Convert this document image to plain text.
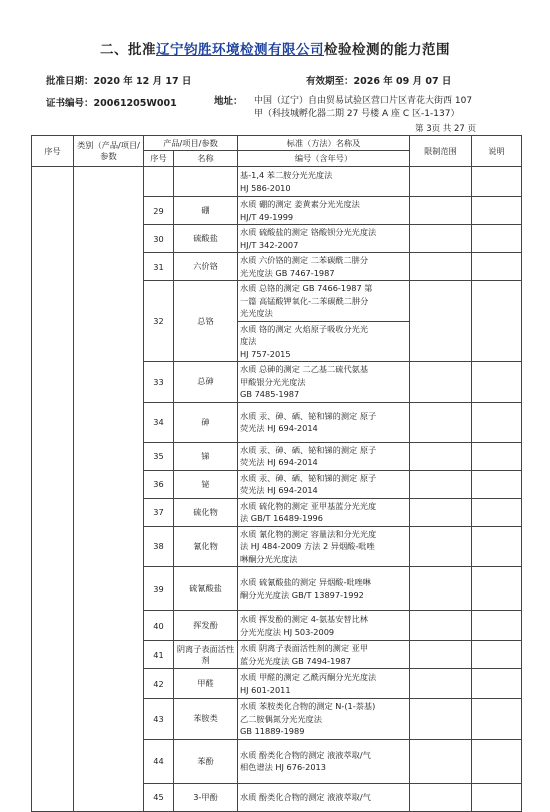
二、批准辽宁钧胜环境检测有限公司检验检测的能力范围
批准日期：2020 年 12 月 17 日	有效期至：2026 年 09 月 07 日
证书编号：20061205W001	地址： 中国（辽宁）自由贸易试验区营口片区青花大街西 107
甲（科技城孵化器二期 27 号楼 A 座 C 区-1-137）
第 3页 共 27 页
序号	类别（产品/项目/参数	产品/项目/参数		标准（方法）名称及	限制范围	说明
		序号	名称	编号（含年号）		

				基-1,4 苯二胺分光光度法
HJ 586-2010		

		29	硼	水质 硼的测定 姜黄素分光光度法
HJ/T 49-1999		

		30	硫酸盐	水质 硫酸盐的测定 铬酸钡分光光度法
HJ/T 342-2007		

		31	六价铬	水质 六价铬的测定 二苯碳酰二肼分
光光度法 GB 7467-1987		

		32	总铬	水质 总铬的测定 GB 7466-1987 第
一篇 高锰酸钾氧化-二苯碳酰二肼分
光光度法		

				水质 铬的测定 火焰原子吸收分光光
度法
HJ 757-2015		

		33	总砷	水质 总砷的测定 二乙基二硫代氨基
甲酸银分光光度法
GB 7485-1987		

		34	砷	水质 汞、砷、硒、铋和锑的测定 原子
荧光法 HJ 694-2014		

		35	锑	水质 汞、砷、硒、铋和锑的测定 原子
荧光法 HJ 694-2014		

		36	铋	水质 汞、砷、硒、铋和锑的测定 原子
荧光法 HJ 694-2014		

		37	硫化物	水质 硫化物的测定 亚甲基蓝分光光度
法 GB/T 16489-1996		

		38	氰化物	水质 氰化物的测定 容量法和分光光度
法 HJ 484-2009 方法 2 异烟酸-吡唑
啉酮分光光度法		

		39	硫氰酸盐	水质 硫氰酸盐的测定 异烟酸-吡唑啉
酮分光光度法 GB/T 13897-1992		

		40	挥发酚	水质 挥发酚的测定 4-氨基安替比林
分光光度法 HJ 503-2009		

		41	阴离子表面活性剂	水质 阴离子表面活性剂的测定 亚甲
蓝分光光度法 GB 7494-1987		

		42	甲醛	水质 甲醛的测定 乙酰丙酮分光光度法
HJ 601-2011		

		43	苯胺类	水质 苯胺类化合物的测定 N-(1-萘基)
乙二胺偶氮分光光度法
GB 11889-1989		

		44	苯酚	水质 酚类化合物的测定 液液萃取/气
相色谱法 HJ 676-2013		

		45	3-甲酚	水质 酚类化合物的测定 液液萃取/气		
